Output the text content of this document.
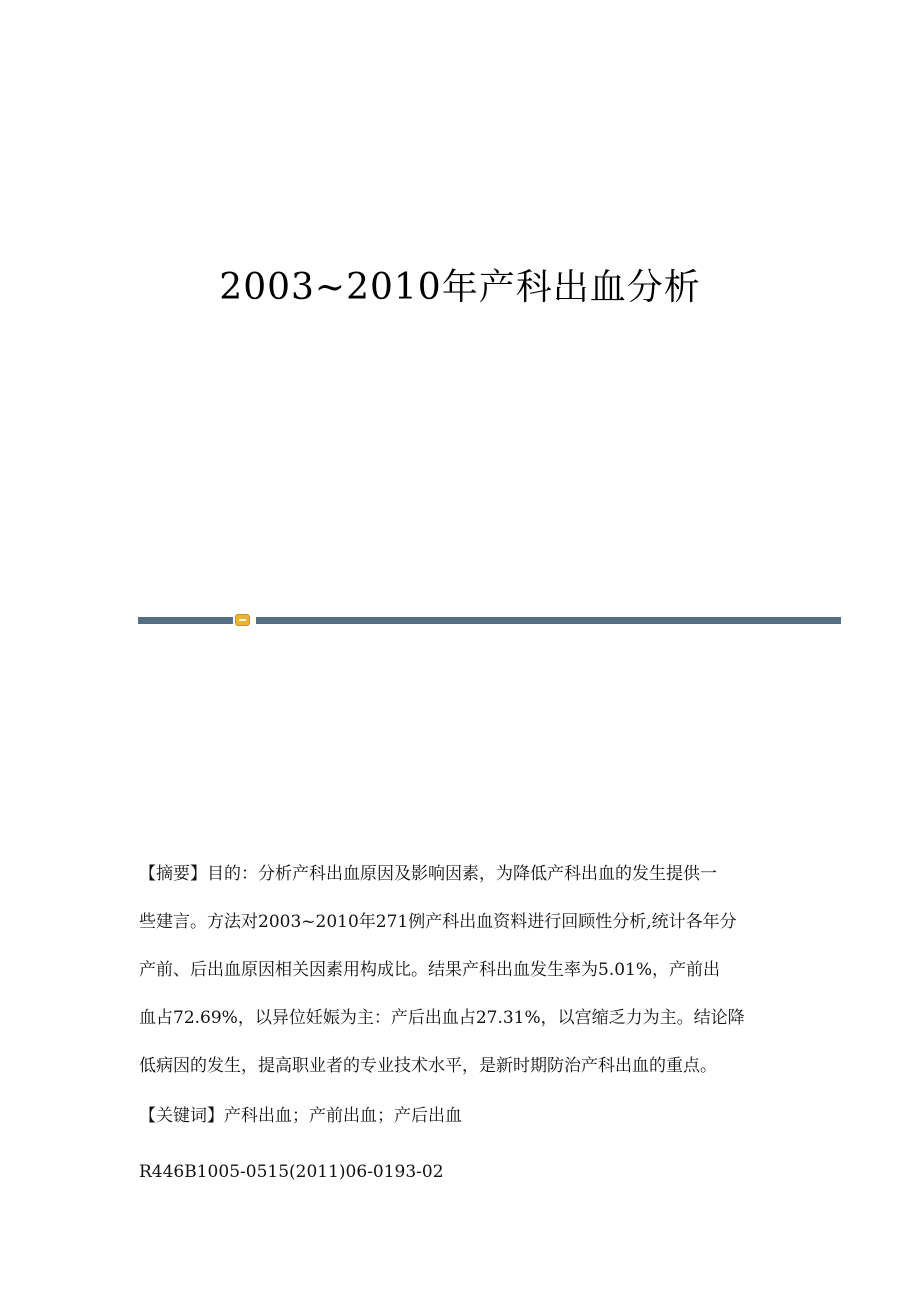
2003~2010年产科出血分析
【摘要】目的：分析产科出血原因及影响因素，为降低产科出血的发生提供一
些建言。方法对2003~2010年271例产科出血资料进行回顾性分析,统计各年分
产前、后出血原因相关因素用构成比。结果产科出血发生率为5.01%，产前出
血占72.69%，以异位妊娠为主：产后出血占27.31%，以宫缩乏力为主。结论降
低病因的发生，提高职业者的专业技术水平，是新时期防治产科出血的重点。
【关键词】产科出血；产前出血；产后出血
R446B1005-0515(2011)06-0193-02
